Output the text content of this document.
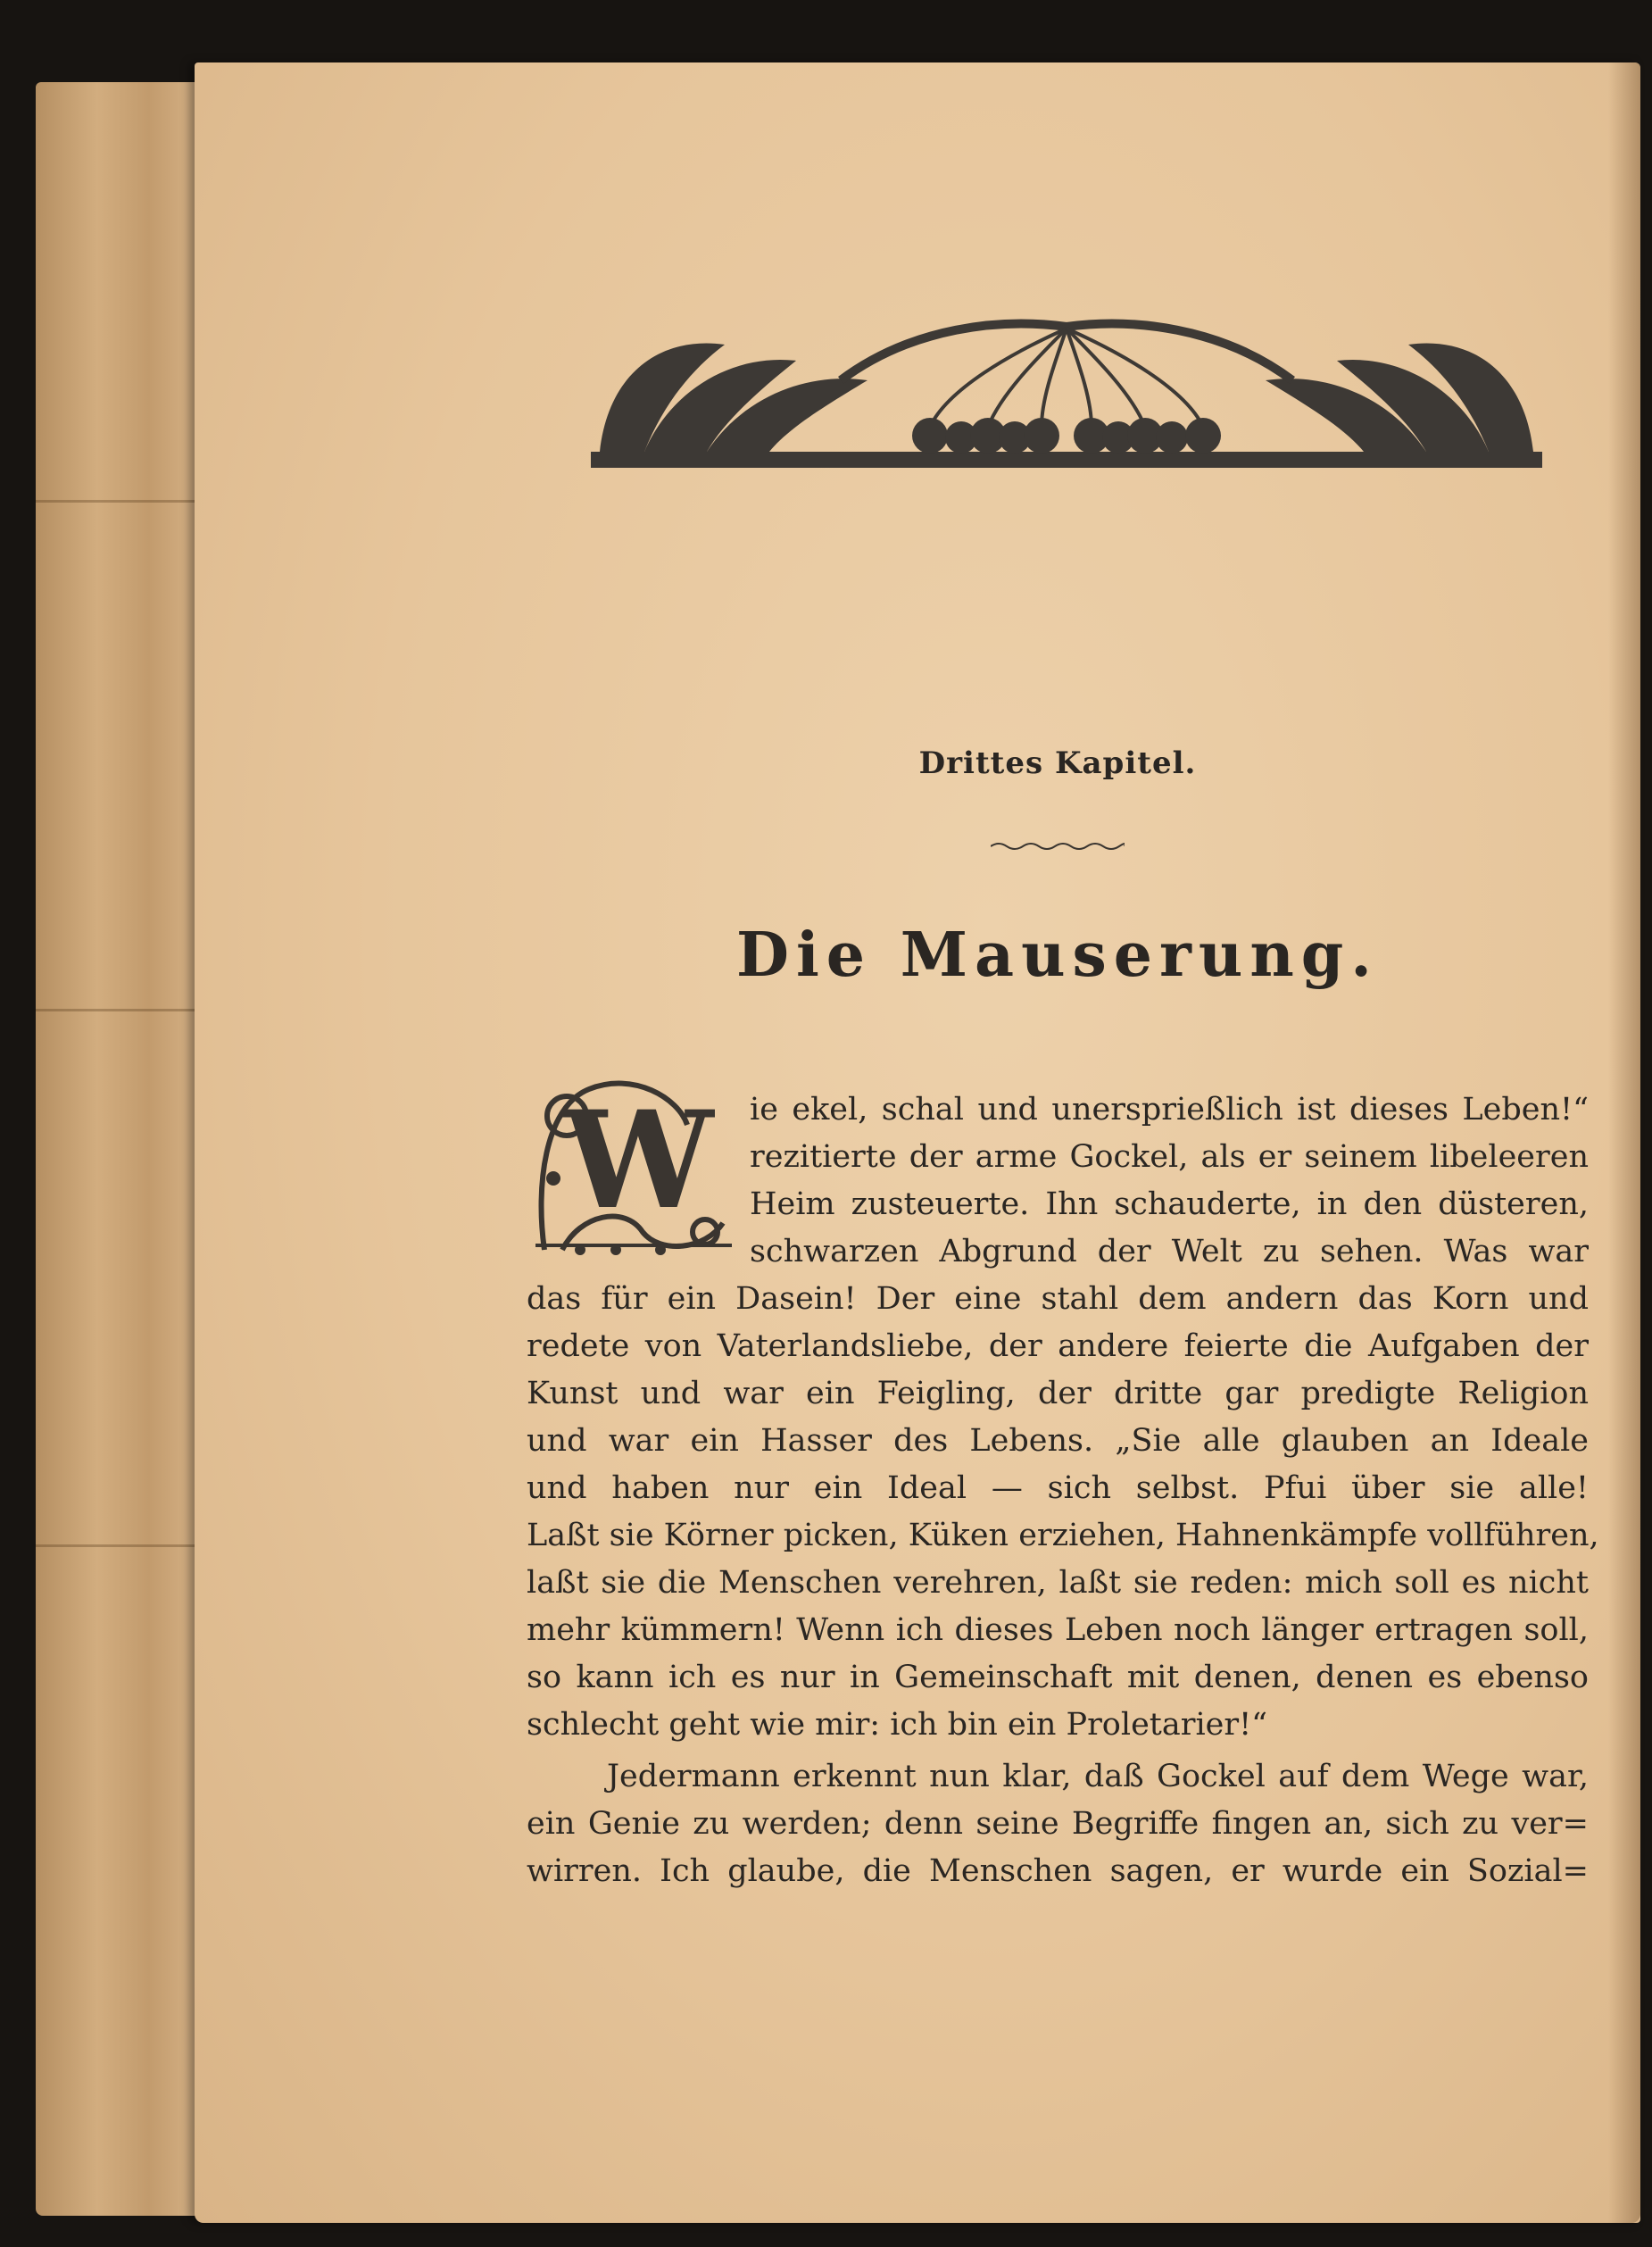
Drittes Kapitel.
Die Mauserung.
W ie ekel, schal und unersprießlich ist dieses Leben!“
rezitierte der arme Gockel, als er seinem libeleeren
Heim zusteuerte. Ihn schauderte, in den düsteren,
schwarzen Abgrund der Welt zu sehen. Was war
das für ein Dasein! Der eine stahl dem andern das Korn und
redete von Vaterlandsliebe, der andere feierte die Aufgaben der
Kunst und war ein Feigling, der dritte gar predigte Religion
und war ein Hasser des Lebens. „Sie alle glauben an Ideale
und haben nur ein Ideal — sich selbst. Pfui über sie alle!
Laßt sie Körner picken, Küken erziehen, Hahnenkämpfe vollführen,
laßt sie die Menschen verehren, laßt sie reden: mich soll es nicht
mehr kümmern! Wenn ich dieses Leben noch länger ertragen soll,
so kann ich es nur in Gemeinschaft mit denen, denen es ebenso
schlecht geht wie mir: ich bin ein Proletarier!“
Jedermann erkennt nun klar, daß Gockel auf dem Wege war,
ein Genie zu werden; denn seine Begriffe fingen an, sich zu ver=
wirren. Ich glaube, die Menschen sagen, er wurde ein Sozial=
